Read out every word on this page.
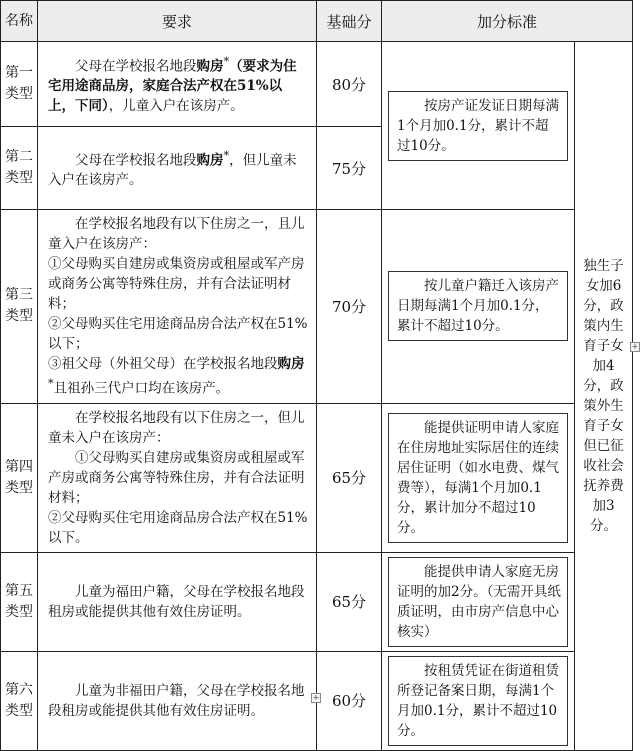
名称	要求	基础分	加分标准	
第一类型	父母在学校报名地段购房*（要求为住宅用途商品房，家庭合法产权在51%以上，下同），儿童入户在该房产。	80分	按房产证发证日期每满1个月加0.1分，累计不超过10分。	独生子女加6分，政策内生育子女加4分，政策外生育子女但已征收社会抚养费加3分。
第二类型	父母在学校报名地段购房*，但儿童未入户在该房产。	75分		
第三类型	在学校报名地段有以下住房之一，且儿童入户在该房产：
①父母购买自建房或集资房或租屋或军产房或商务公寓等特殊住房，并有合法证明材料；
②父母购买住宅用途商品房合法产权在51%以下；
③祖父母（外祖父母）在学校报名地段购房*且祖孙三代户口均在该房产。	70分	按儿童户籍迁入该房产日期每满1个月加0.1分，累计不超过10分。	

第四类型	在学校报名地段有以下住房之一，但儿童未入户在该房产：
①父母购买自建房或集资房或租屋或军产房或商务公寓等特殊住房，并有合法证明材料；
②父母购买住宅用途商品房合法产权在51%以下。	65分	能提供证明申请人家庭在住房地址实际居住的连续居住证明（如水电费、煤气费等），每满1个月加0.1分，累计加分不超过10分。	

第五类型	儿童为福田户籍，父母在学校报名地段租房或能提供其他有效住房证明。	65分	能提供申请人家庭无房证明的加2分。（无需开具纸质证明，由市房产信息中心核实）	

第六类型	儿童为非福田户籍，父母在学校报名地段租房或能提供其他有效住房证明。	60分	按租赁凭证在街道租赁所登记备案日期，每满1个月加0.1分，累计不超过10分。	
+
+
